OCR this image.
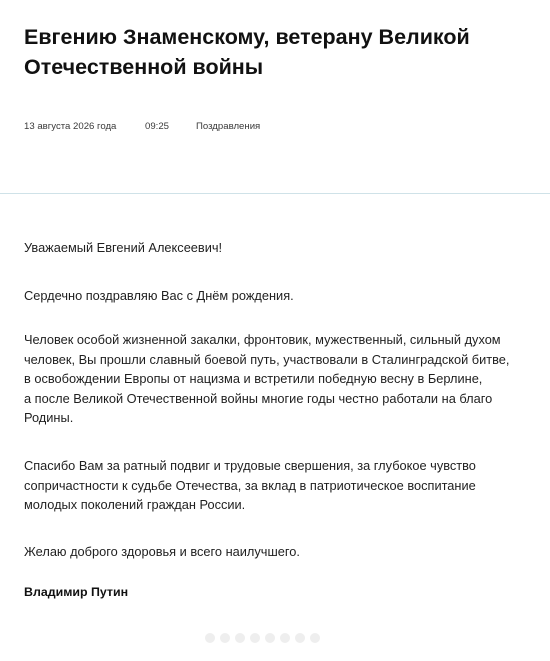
Евгению Знаменскому, ветерану Великой
Отечественной войны
13 августа 2026 года	09:25	Поздравления

Уважаемый Евгений Алексеевич!

Сердечно поздравляю Вас с Днём рождения.

Человек особой жизненной закалки, фронтовик, мужественный, сильный духом
человек, Вы прошли славный боевой путь, участвовали в Сталинградской битве,
в освобождении Европы от нацизма и встретили победную весну в Берлине,
а после Великой Отечественной войны многие годы честно работали на благо
Родины.

Спасибо Вам за ратный подвиг и трудовые свершения, за глубокое чувство
сопричастности к судьбе Отечества, за вклад в патриотическое воспитание
молодых поколений граждан России.

Желаю доброго здоровья и всего наилучшего.

Владимир Путин
